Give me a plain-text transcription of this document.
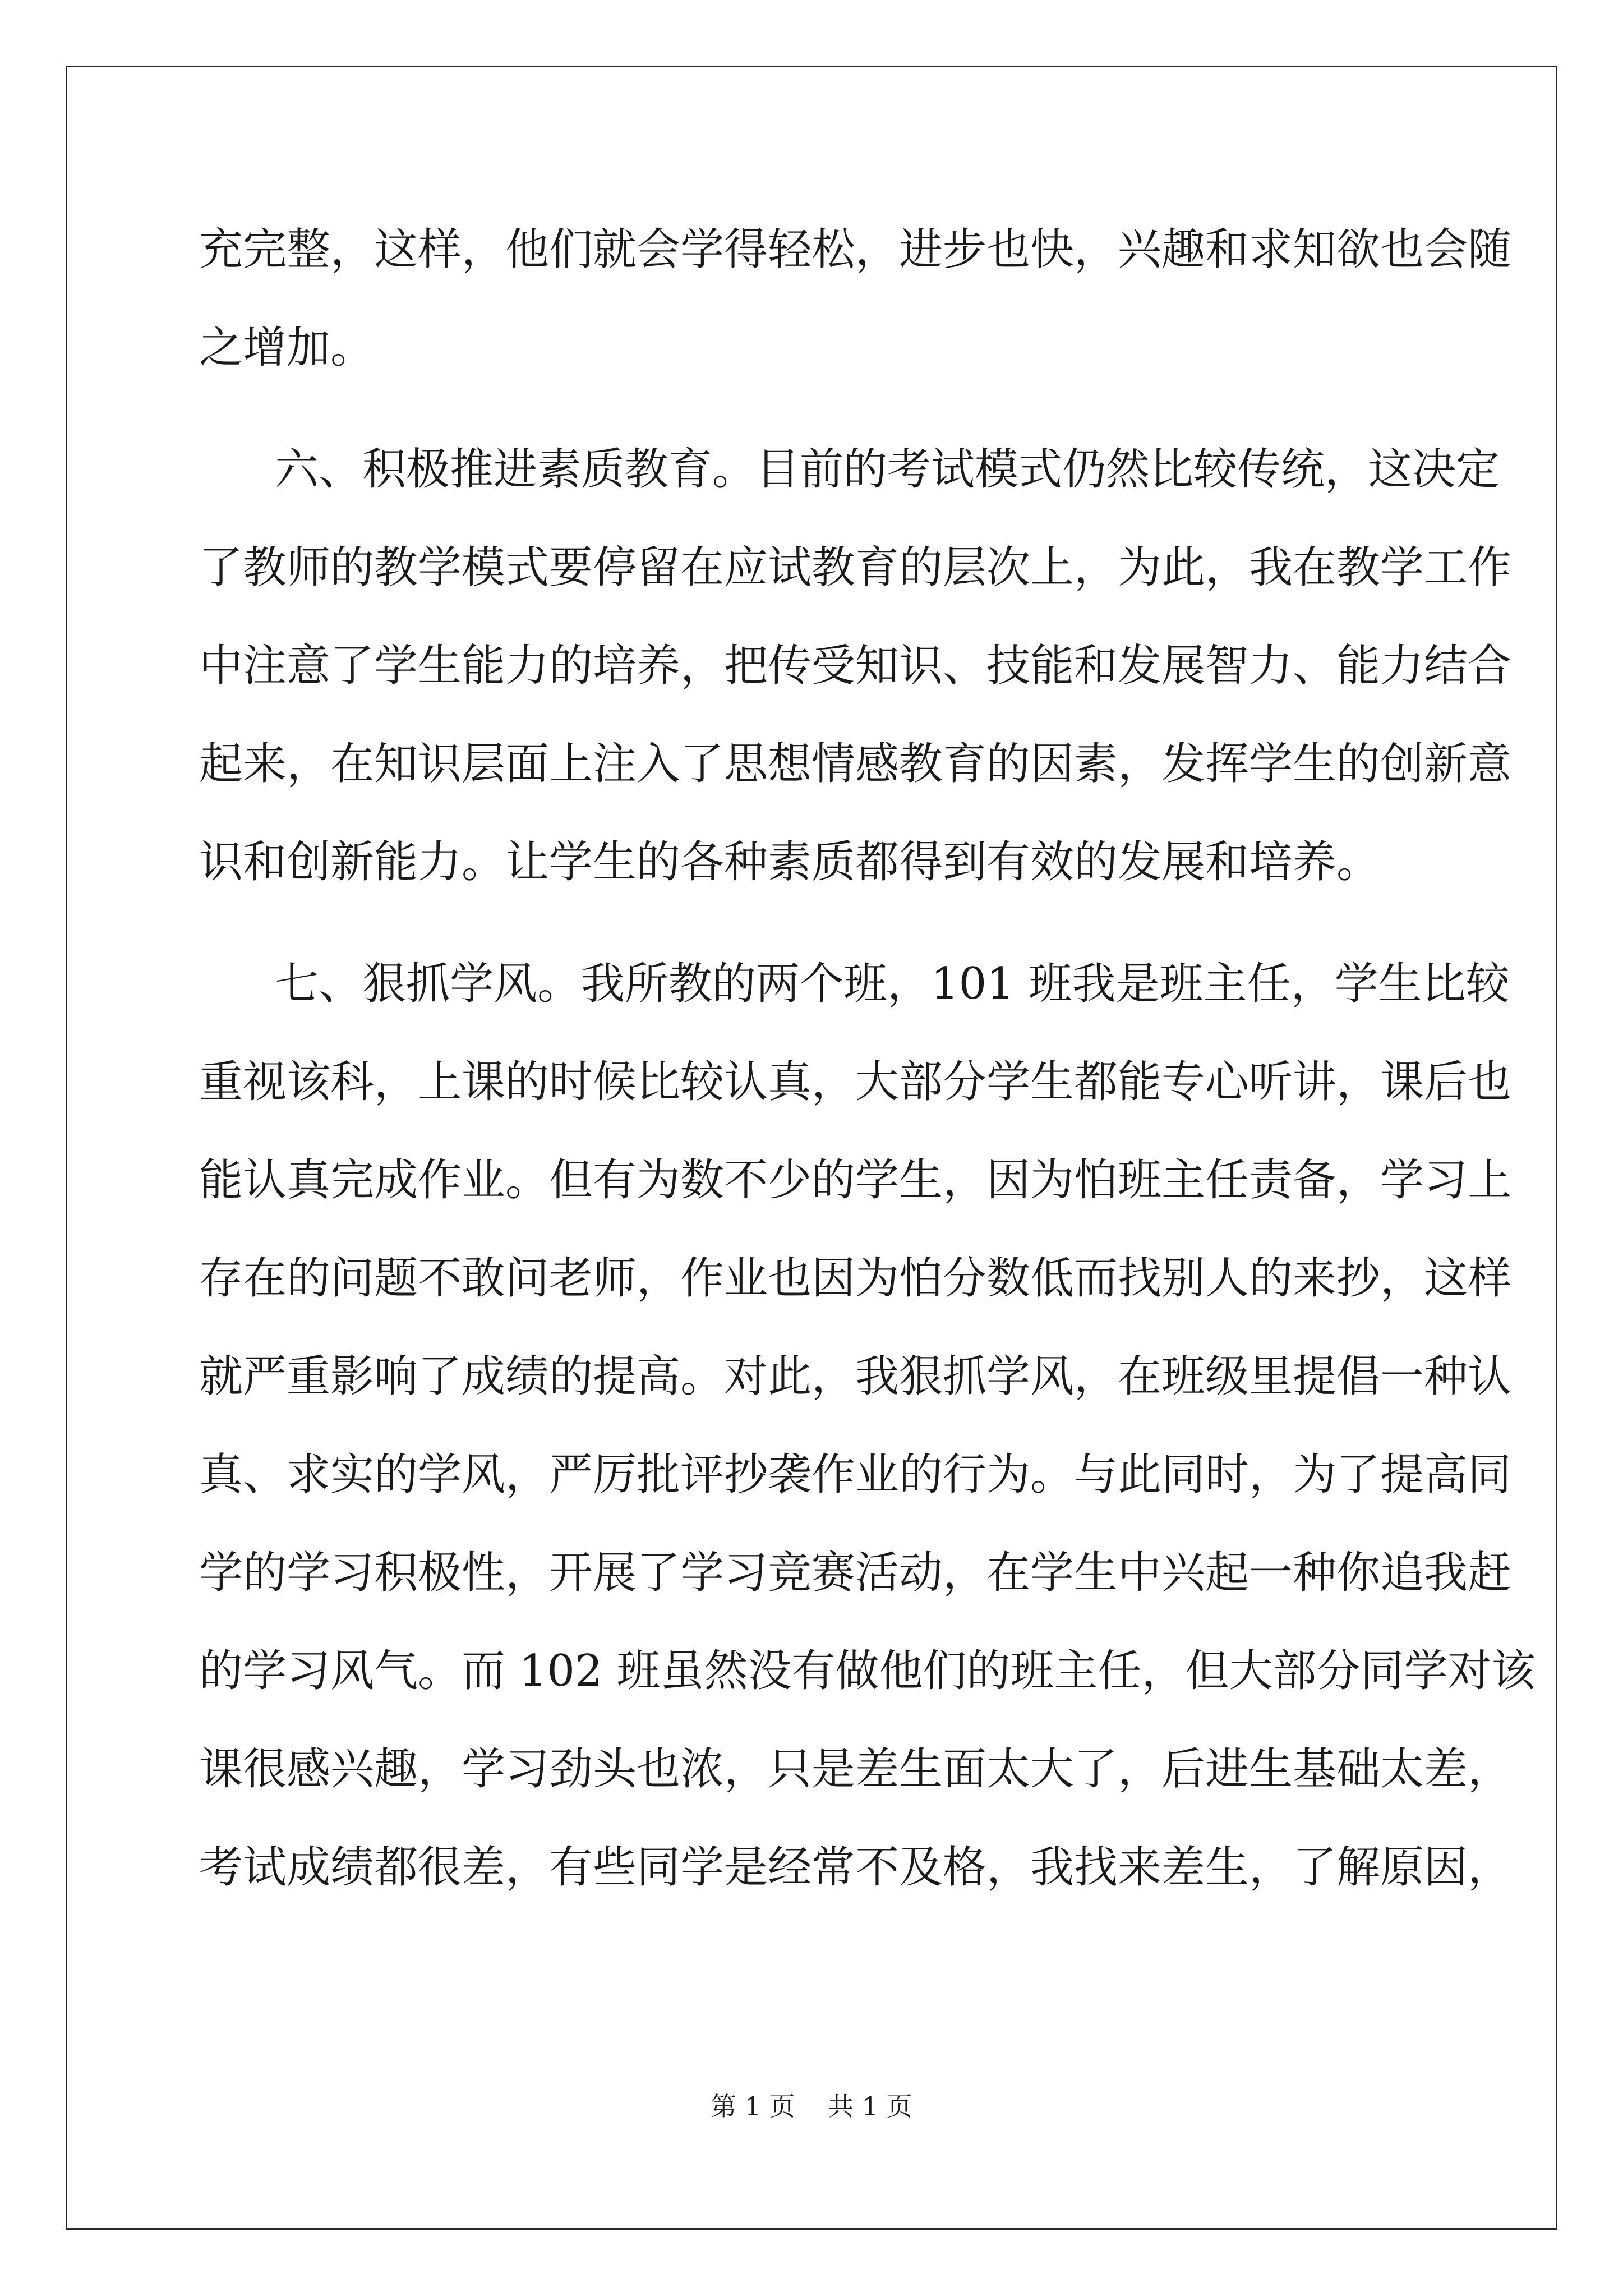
充完整，这样，他们就会学得轻松，进步也快，兴趣和求知欲也会随
之增加。
六、积极推进素质教育。目前的考试模式仍然比较传统，这决定
了教师的教学模式要停留在应试教育的层次上，为此，我在教学工作
中注意了学生能力的培养，把传受知识、技能和发展智力、能力结合
起来，在知识层面上注入了思想情感教育的因素，发挥学生的创新意
识和创新能力。让学生的各种素质都得到有效的发展和培养。
七、狠抓学风。我所教的两个班，101 班我是班主任，学生比较
重视该科，上课的时候比较认真，大部分学生都能专心听讲，课后也
能认真完成作业。但有为数不少的学生，因为怕班主任责备，学习上
存在的问题不敢问老师，作业也因为怕分数低而找别人的来抄，这样
就严重影响了成绩的提高。对此，我狠抓学风，在班级里提倡一种认
真、求实的学风，严厉批评抄袭作业的行为。与此同时，为了提高同
学的学习积极性，开展了学习竞赛活动，在学生中兴起一种你追我赶
的学习风气。而 102 班虽然没有做他们的班主任，但大部分同学对该
课很感兴趣，学习劲头也浓，只是差生面太大了，后进生基础太差，
考试成绩都很差，有些同学是经常不及格，我找来差生，了解原因，
第 1 页    共 1 页
